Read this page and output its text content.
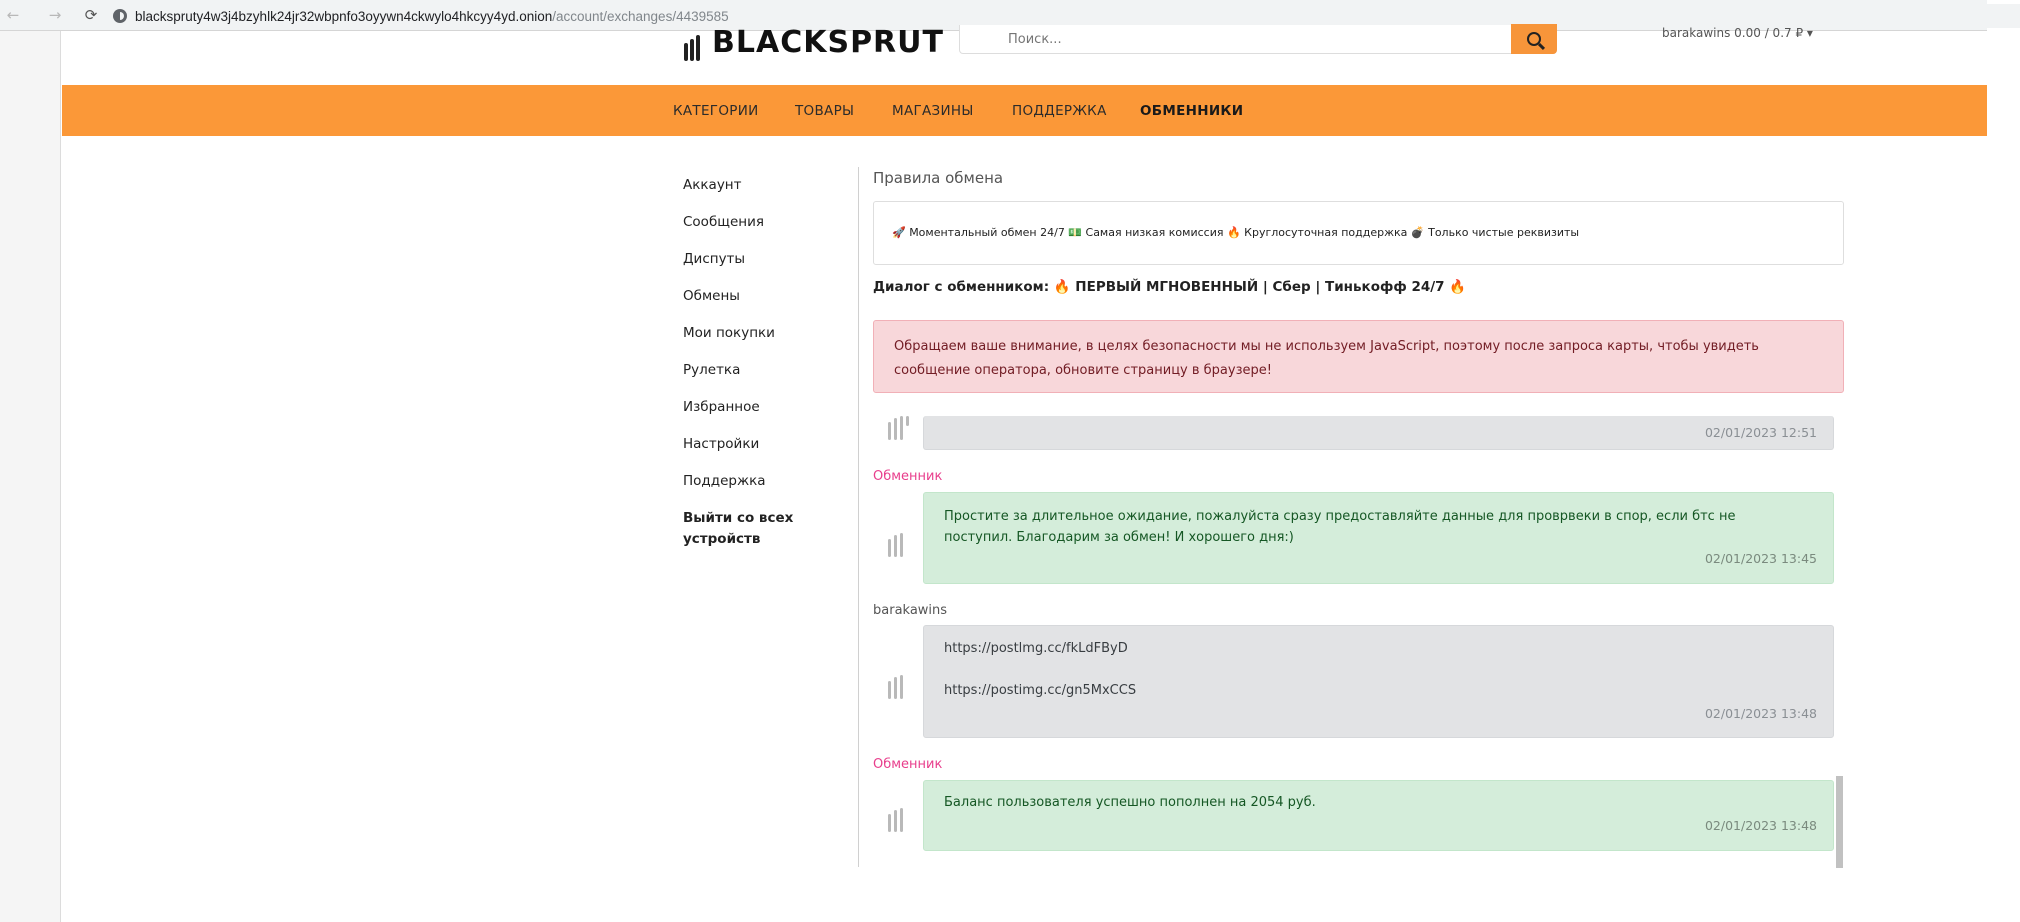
←	→	⟳	blacksprutу4w3j4bzyhlk24jr32wbpnfo3oyywn4ckwylo4hkcyy4yd.onion /account/exchanges/4439585
BLACKSPRUT
Поиск...	barakawins 0.00 / 0.7 ₽ ▾
КАТЕГОРИИ	ТОВАРЫ	МАГАЗИНЫ	ПОДДЕРЖКА ОБМЕННИКИ
Аккаунт
Сообщения
Диспуты
Обмены
Мои покупки
Рулетка
Избранное
Настройки
Поддержка
Выйти со всех устройств
Правила обмена
🚀 Моментальный обмен 24/7 💵 Самая низкая комиссия 🔥 Круглосуточная поддержка 💣 Только чистые реквизиты
Диалог с обменником: 🔥 ПЕРВЫЙ МГНОВЕННЫЙ | Сбер | Тинькофф 24/7 🔥
Обращаем ваше внимание, в целях безопасности мы не используем JavaScript, поэтому после запроса карты, чтобы увидеть сообщение оператора, обновите страницу в браузере!
02/01/2023 12:51
Обменник
Простите за длительное ожидание, пожалуйста сразу предоставляйте данные для проврвеки в спор, если бтс не поступил. Благодарим за обмен! И хорошего дня:)
02/01/2023 13:45
barakawins
https://postlmg.cc/fkLdFByD
https://postimg.cc/gn5MxCCS
02/01/2023 13:48
Обменник
Баланс пользователя успешно пополнен на 2054 руб.
02/01/2023 13:48
